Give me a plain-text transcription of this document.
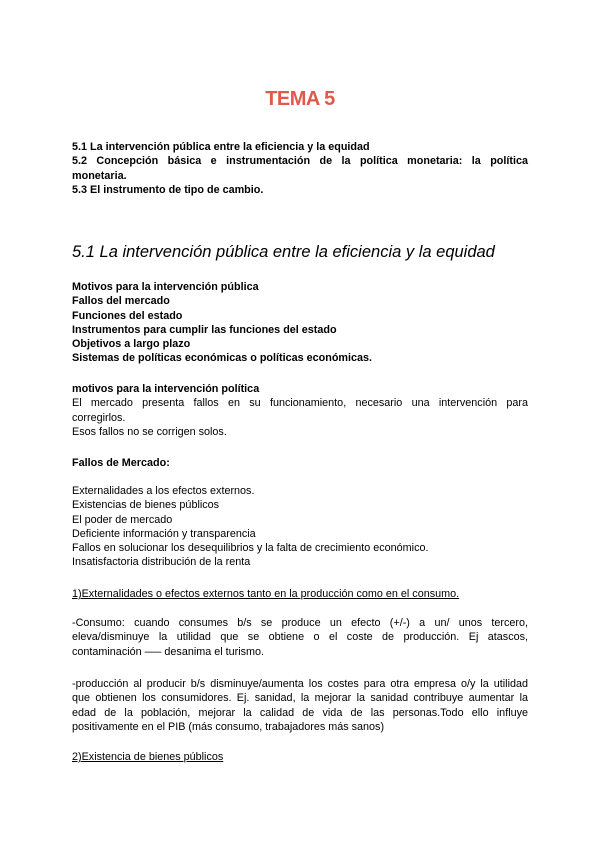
TEMA 5
5.1 La intervención pública entre la eficiencia y la equidad
5.2 Concepción básica e instrumentación de la política monetaria: la política
monetaria.
5.3 El instrumento de tipo de cambio.
5.1 La intervención pública entre la eficiencia y la equidad
Motivos para la intervención pública
Fallos del mercado
Funciones del estado
Instrumentos para cumplir las funciones del estado
Objetivos a largo plazo
Sistemas de políticas económicas o políticas económicas.
motivos para la intervención política
El mercado presenta fallos en su funcionamiento, necesario una intervención para
corregirlos.
Esos fallos no se corrigen solos.
Fallos de Mercado:
Externalidades a los efectos externos.
Existencias de bienes públicos
El poder de mercado
Deficiente información y transparencia
Fallos en solucionar los desequilibrios y la falta de crecimiento económico.
Insatisfactoria distribución de la renta
1)Externalidades o efectos externos tanto en la producción como en el consumo.
-Consumo: cuando consumes b/s se produce un efecto (+/-) a un/ unos tercero,
eleva/disminuye la utilidad que se obtiene o el coste de producción. Ej atascos,
contaminación —– desanima el turismo.
-producción al producir b/s disminuye/aumenta los costes para otra empresa o/y la utilidad
que obtienen los consumidores. Ej. sanidad, la mejorar la sanidad contribuye aumentar la
edad de la población, mejorar la calidad de vida de las personas.Todo ello influye
positivamente en el PIB (más consumo, trabajadores más sanos)
2)Existencia de bienes públicos
